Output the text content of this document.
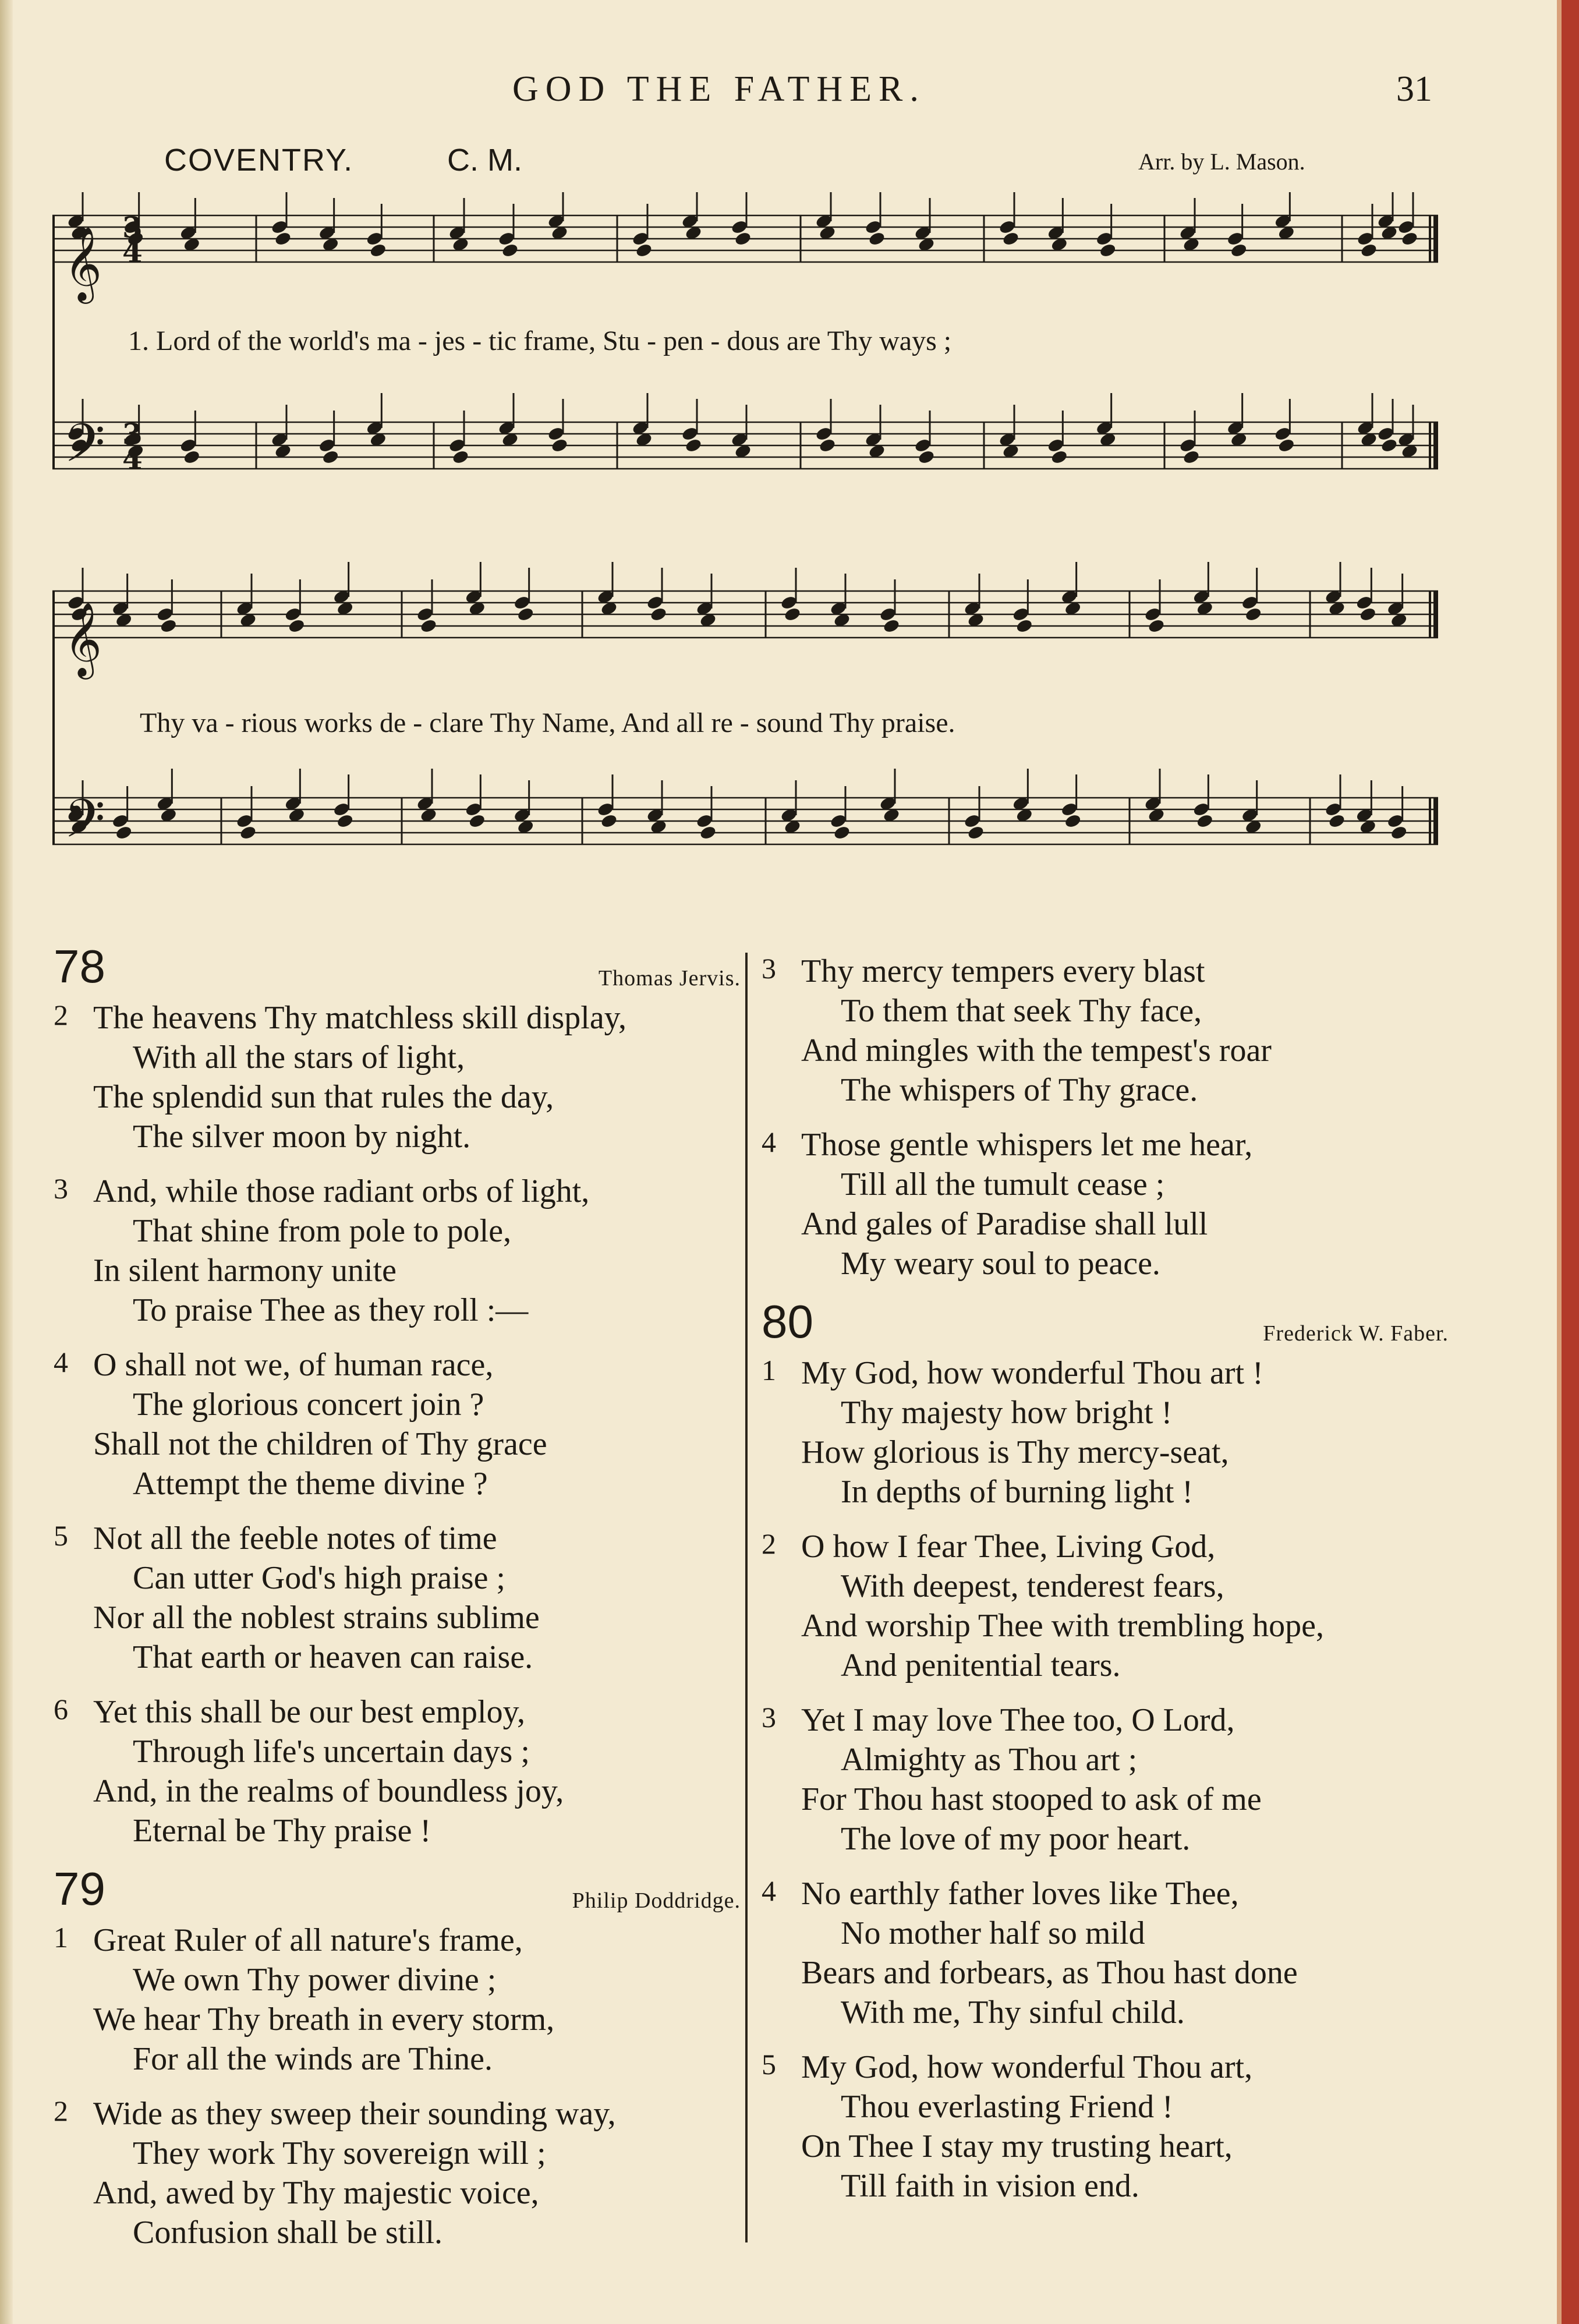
GOD THE FATHER.	31
COVENTRY.	C. M.	Arr. by L. Mason.
𝄞
𝄢
𝄞
𝄢
3
4
3
4
1. Lord of the world's ma - jes - tic frame, Stu - pen - dous are Thy ways ;
Thy va - rious works de - clare Thy Name, And all re - sound Thy praise.
78	Thomas Jervis.
2 The heavens Thy matchless skill display,
With all the stars of light,
The splendid sun that rules the day,
The silver moon by night.
3 And, while those radiant orbs of light,
That shine from pole to pole,
In silent harmony unite
To praise Thee as they roll :—
4 O shall not we, of human race,
The glorious concert join ?
Shall not the children of Thy grace
Attempt the theme divine ?
5 Not all the feeble notes of time
Can utter God's high praise ;
Nor all the noblest strains sublime
That earth or heaven can raise.
6 Yet this shall be our best employ,
Through life's uncertain days ;
And, in the realms of boundless joy,
Eternal be Thy praise !
79	Philip Doddridge.
1 Great Ruler of all nature's frame,
We own Thy power divine ;
We hear Thy breath in every storm,
For all the winds are Thine.
2 Wide as they sweep their sounding way,
They work Thy sovereign will ;
And, awed by Thy majestic voice,
Confusion shall be still.
3 Thy mercy tempers every blast
To them that seek Thy face,
And mingles with the tempest's roar
The whispers of Thy grace.
4 Those gentle whispers let me hear,
Till all the tumult cease ;
And gales of Paradise shall lull
My weary soul to peace.
80	Frederick W. Faber.
1 My God, how wonderful Thou art !
Thy majesty how bright !
How glorious is Thy mercy-seat,
In depths of burning light !
2 O how I fear Thee, Living God,
With deepest, tenderest fears,
And worship Thee with trembling hope,
And penitential tears.
3 Yet I may love Thee too, O Lord,
Almighty as Thou art ;
For Thou hast stooped to ask of me
The love of my poor heart.
4 No earthly father loves like Thee,
No mother half so mild
Bears and forbears, as Thou hast done
With me, Thy sinful child.
5 My God, how wonderful Thou art,
Thou everlasting Friend !
On Thee I stay my trusting heart,
Till faith in vision end.
